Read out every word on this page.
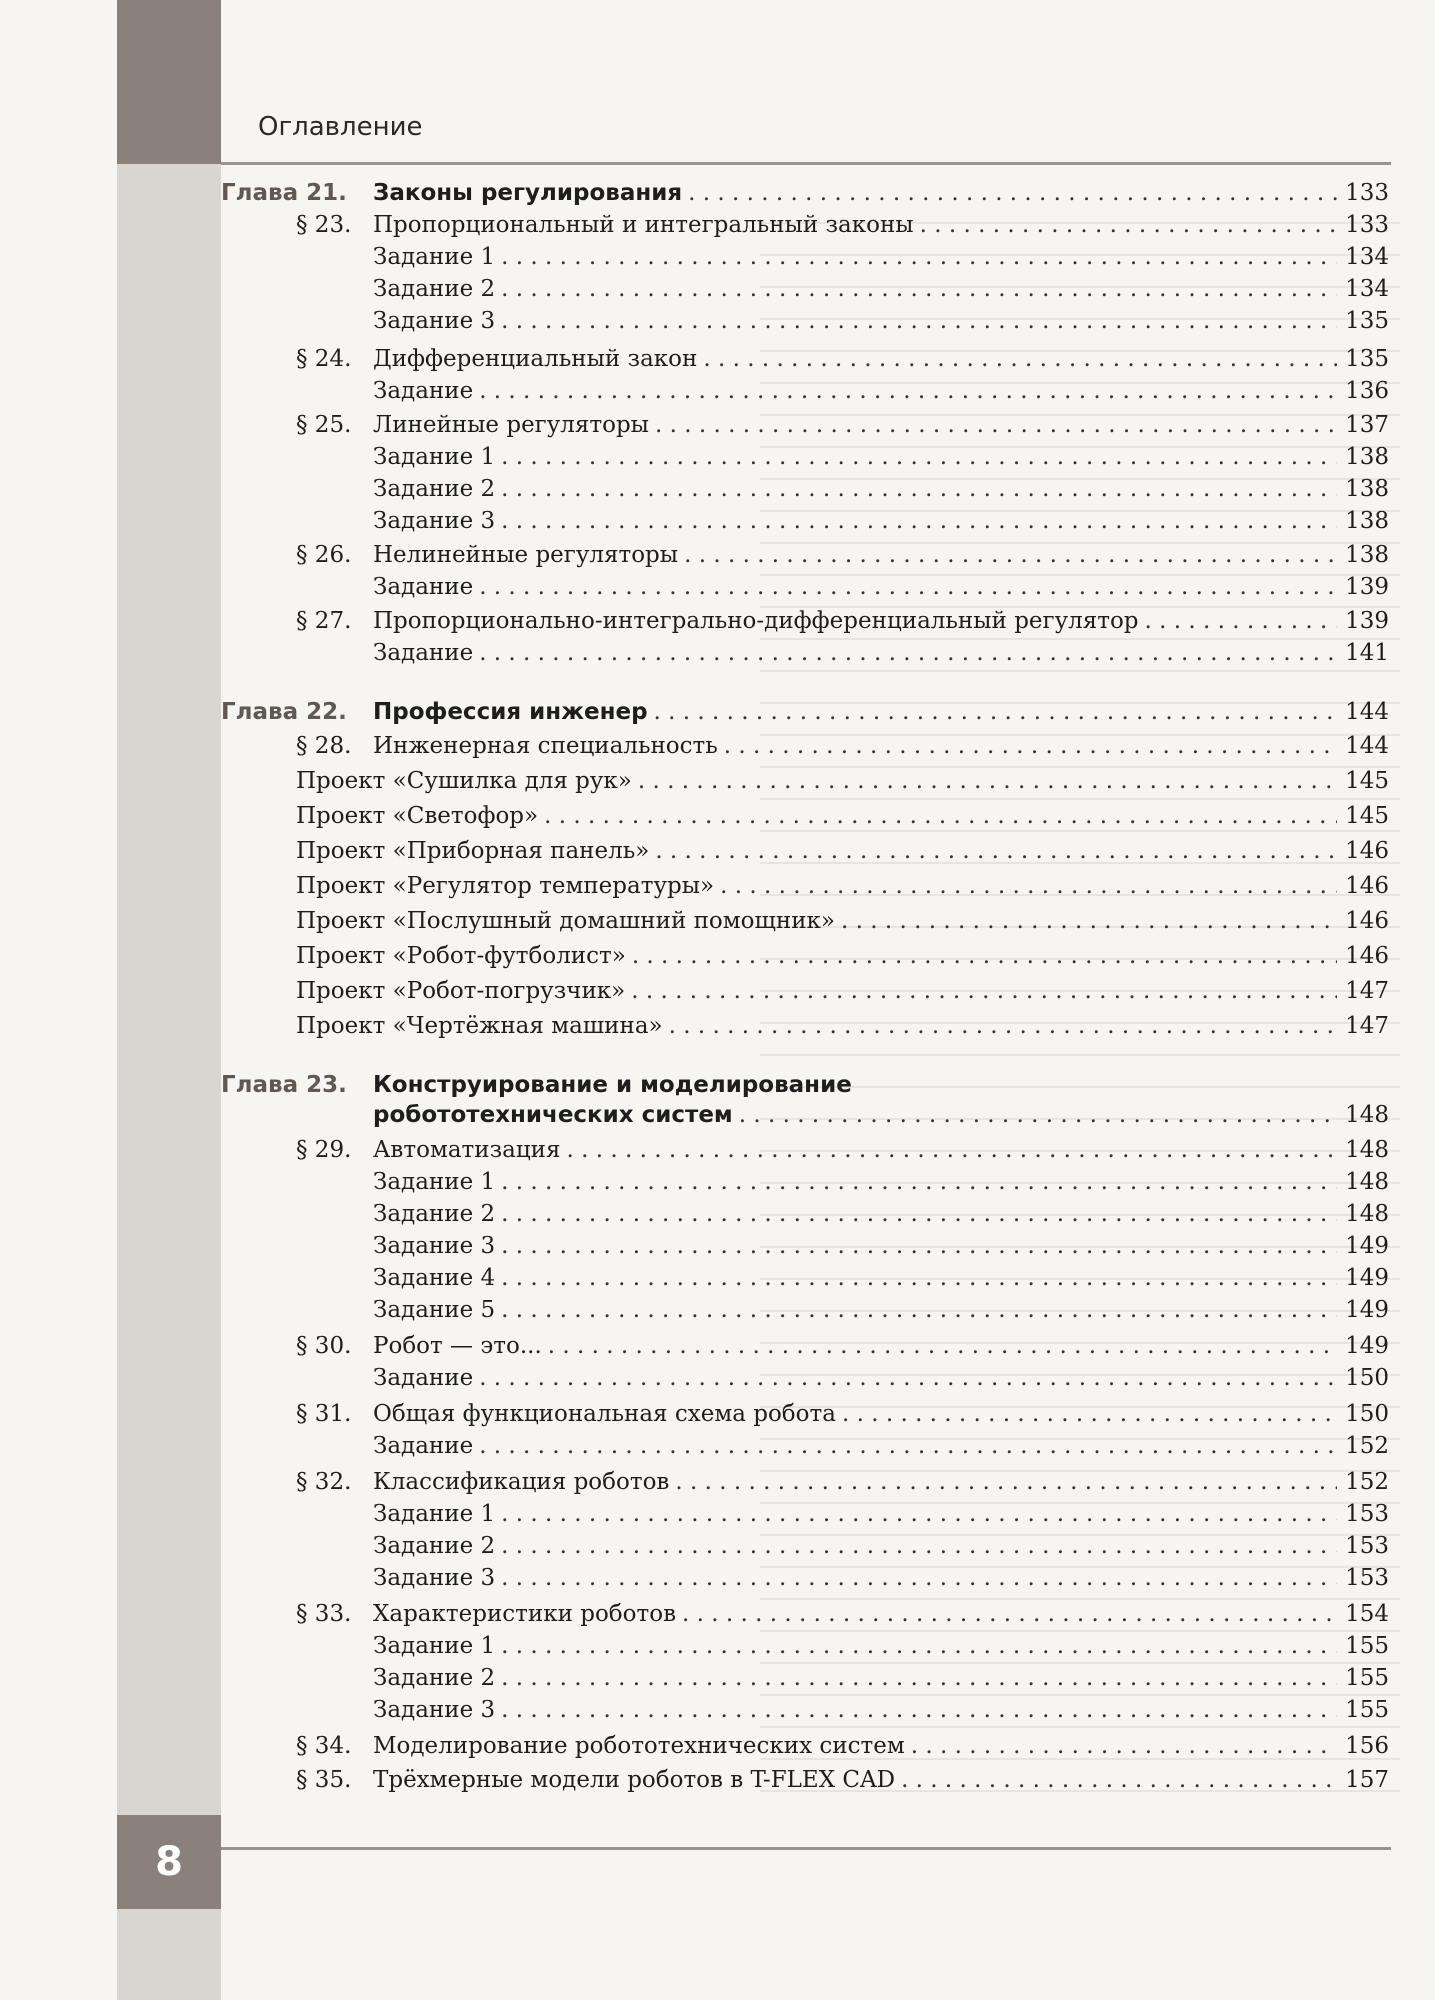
Оглавление
8
Глава 21. Законы регулирования . . .	133
§ 23. Пропорциональный и интегральный законы . . .	133
Задание 1 . . .	134
Задание 2 . . .	134
Задание 3 . . .	135
§ 24. Дифференциальный закон . . .	135
Задание . . .	136
§ 25. Линейные регуляторы . . .	137
Задание 1 . . .	138
Задание 2 . . .	138
Задание 3 . . .	138
§ 26. Нелинейные регуляторы . . .	138
Задание . . .	139
§ 27. Пропорционально-интегрально-дифференциальный регулятор . . .	139
Задание . . .	141
Глава 22. Профессия инженер . . .	144
§ 28. Инженерная специальность . . .	144
Проект «Сушилка для рук» . . .	145
Проект «Светофор» . . .	145
Проект «Приборная панель» . . .	146
Проект «Регулятор температуры» . . .	146
Проект «Послушный домашний помощник» . . .	146
Проект «Робот-футболист» . . .	146
Проект «Робот-погрузчик» . . .	147
Проект «Чертёжная машина» . . .	147
Глава 23. Конструирование и моделирование
робототехнических систем . . .	148
§ 29. Автоматизация . . .	148
Задание 1 . . .	148
Задание 2 . . .	148
Задание 3 . . .	149
Задание 4 . . .	149
Задание 5 . . .	149
§ 30. Робот — это... . . .	149
Задание . . .	150
§ 31. Общая функциональная схема робота . . .	150
Задание . . .	152
§ 32. Классификация роботов . . .	152
Задание 1 . . .	153
Задание 2 . . .	153
Задание 3 . . .	153
§ 33. Характеристики роботов . . .	154
Задание 1 . . .	155
Задание 2 . . .	155
Задание 3 . . .	155
§ 34. Моделирование робототехнических систем . . .	156
§ 35. Трёхмерные модели роботов в T-FLEX CAD . . .	157
